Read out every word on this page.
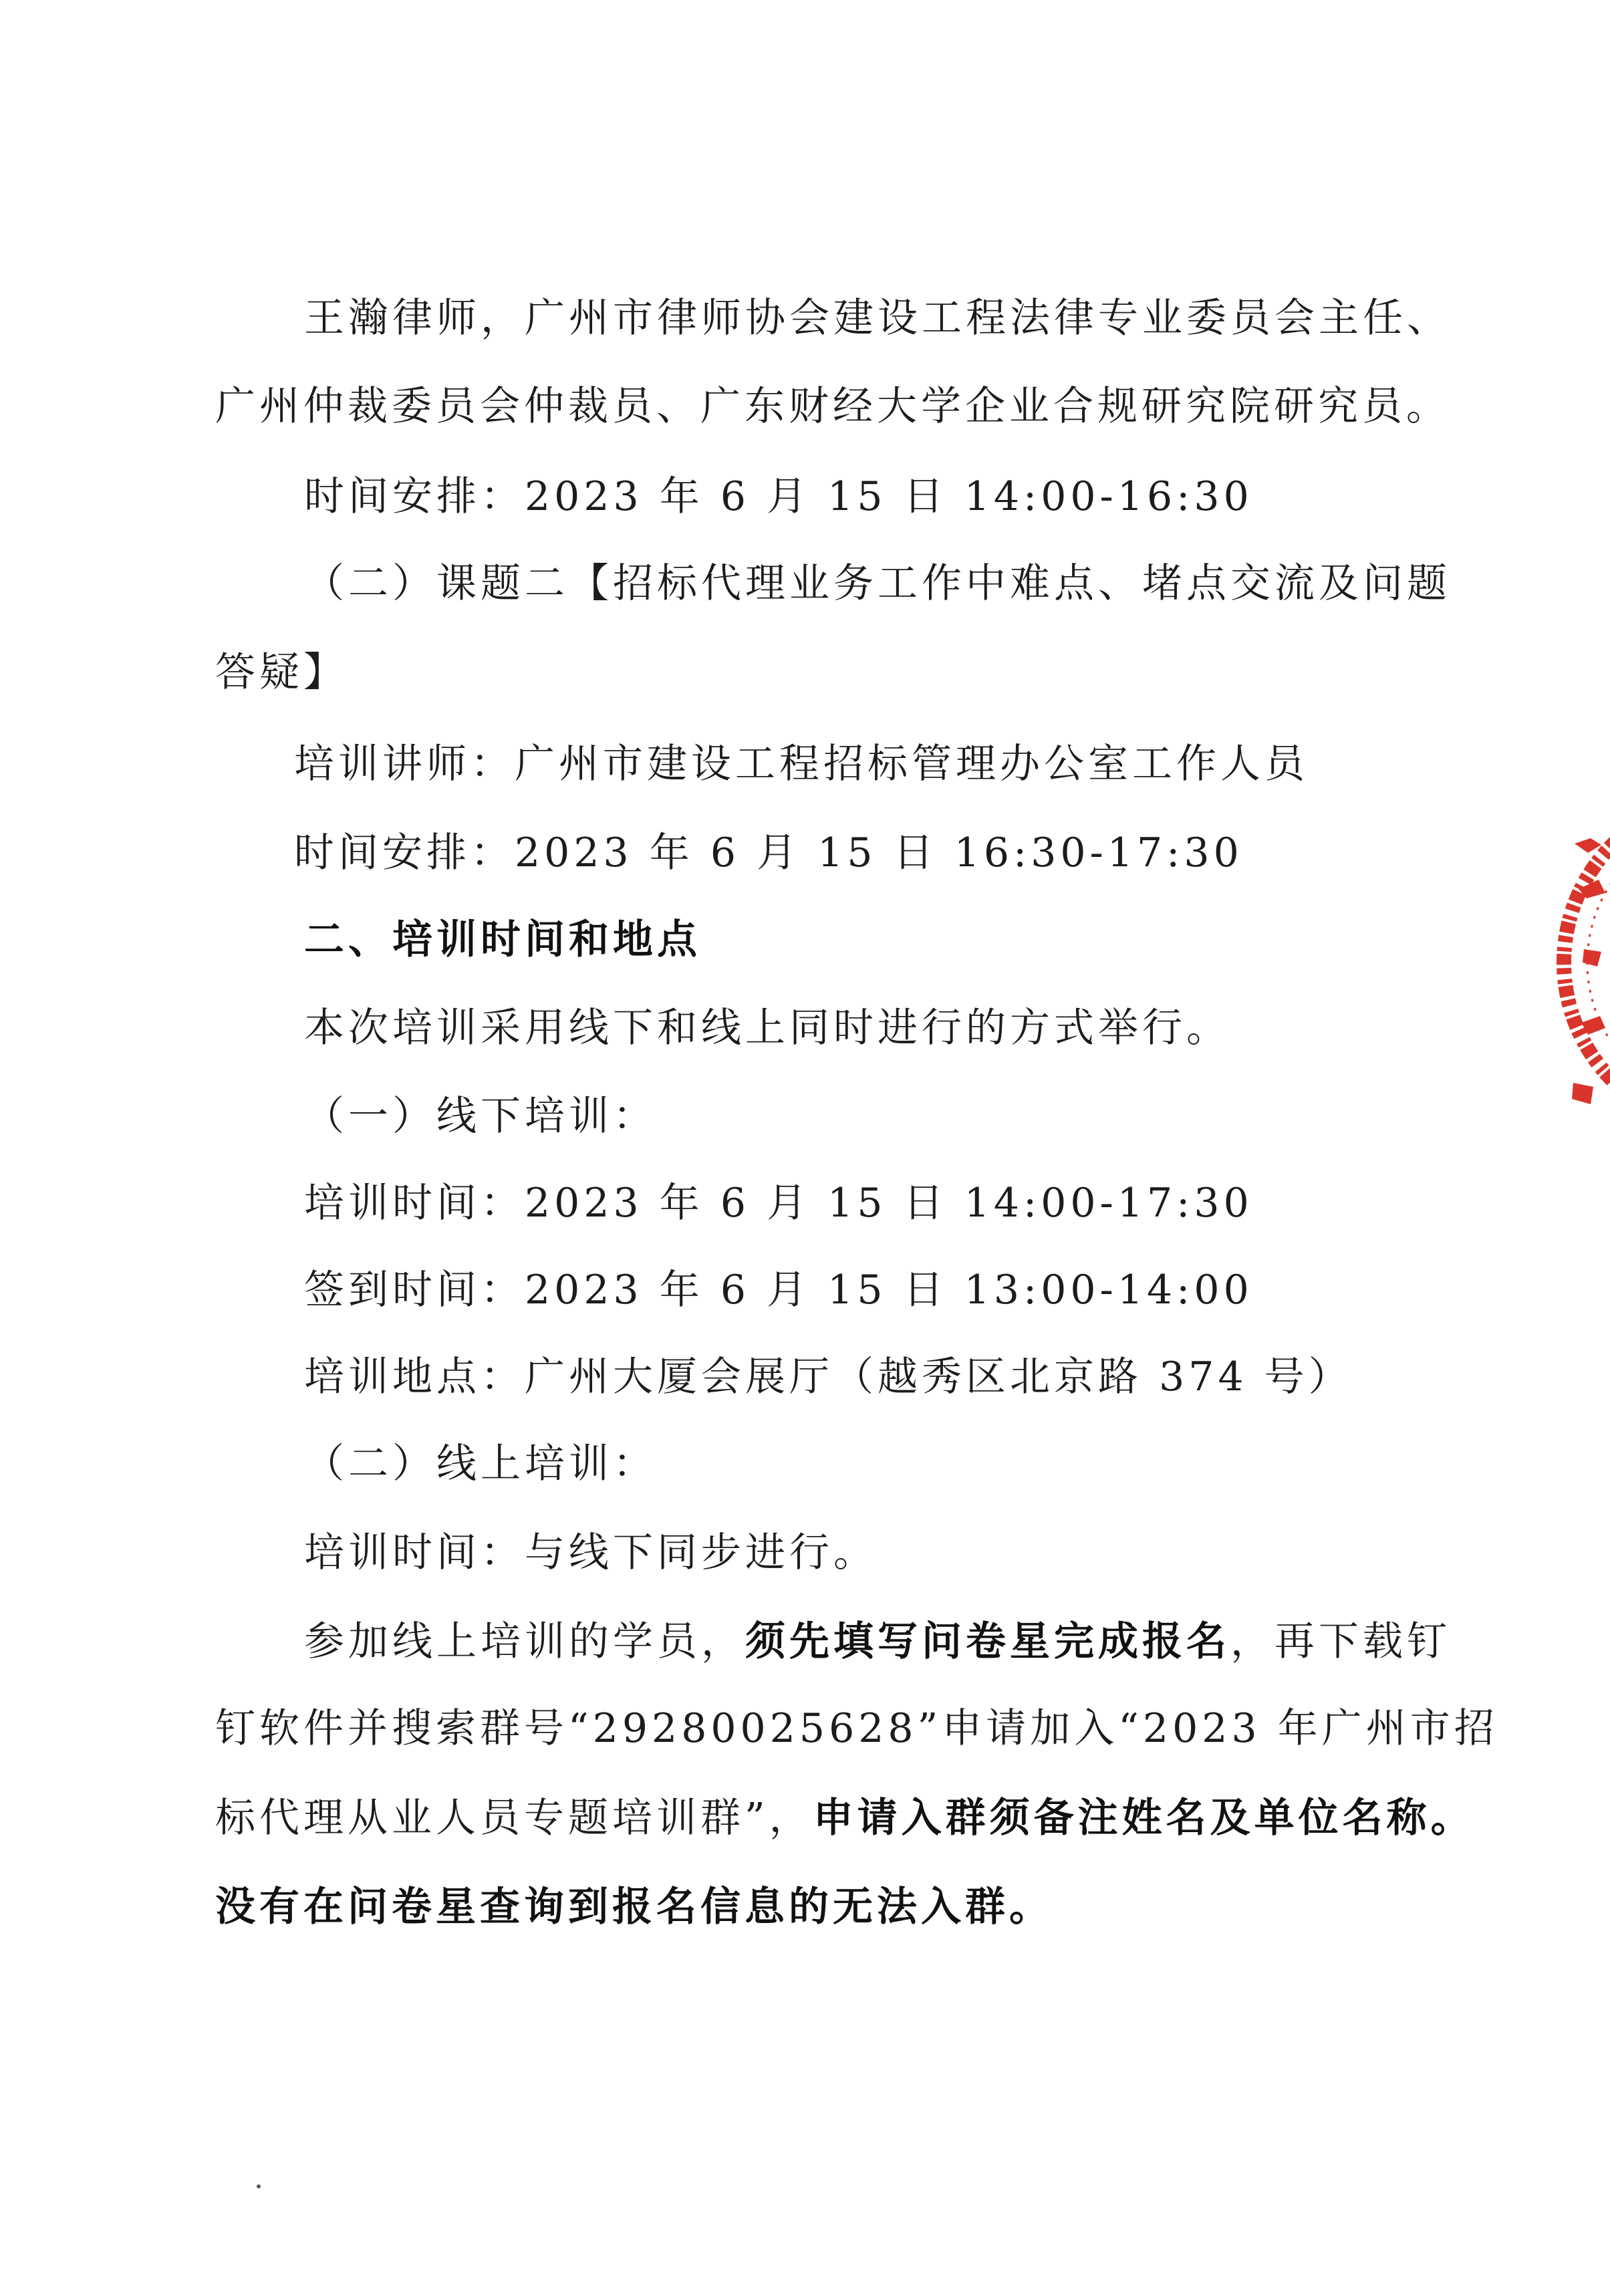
王瀚律师，广州市律师协会建设工程法律专业委员会主任、
广州仲裁委员会仲裁员、广东财经大学企业合规研究院研究员。
时间安排：2023 年 6 月 15 日 14:00-16:30
（二）课题二【招标代理业务工作中难点、堵点交流及问题
答疑】
培训讲师：广州市建设工程招标管理办公室工作人员
时间安排：2023 年 6 月 15 日 16:30-17:30
二、培训时间和地点
本次培训采用线下和线上同时进行的方式举行。
（一）线下培训：
培训时间：2023 年 6 月 15 日 14:00-17:30
签到时间：2023 年 6 月 15 日 13:00-14:00
培训地点：广州大厦会展厅（越秀区北京路 374 号）
（二）线上培训：
培训时间：与线下同步进行。
参加线上培训的学员，须先填写问卷星完成报名，再下载钉
钉软件并搜索群号“29280025628”申请加入“2023 年广州市招
标代理从业人员专题培训群”，申请入群须备注姓名及单位名称。
没有在问卷星查询到报名信息的无法入群。
